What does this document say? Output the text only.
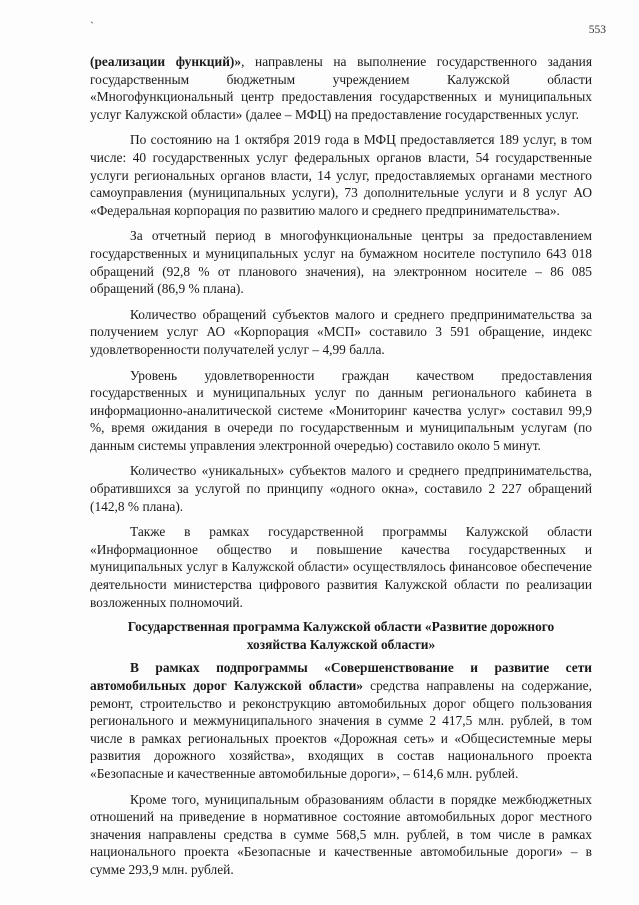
`	553

(реализации функций)», направлены на выполнение государственного задания государственным бюджетным учреждением Калужской области «Многофункциональный центр предоставления государственных и муниципальных услуг Калужской области» (далее – МФЦ) на предоставление государственных услуг.

По состоянию на 1 октября 2019 года в МФЦ предоставляется 189 услуг, в том числе: 40 государственных услуг федеральных органов власти, 54 государственные услуги региональных органов власти, 14 услуг, предоставляемых органами местного самоуправления (муниципальных услуги), 73 дополнительные услуги и 8 услуг АО «Федеральная корпорация по развитию малого и среднего предпринимательства».

За отчетный период в многофункциональные центры за предоставлением государственных и муниципальных услуг на бумажном носителе поступило 643 018 обращений (92,8 % от планового значения), на электронном носителе – 86 085 обращений (86,9 % плана).

Количество обращений субъектов малого и среднего предпринимательства за получением услуг АО «Корпорация «МСП» составило 3 591 обращение, индекс удовлетворенности получателей услуг – 4,99 балла.

Уровень удовлетворенности граждан качеством предоставления государственных и муниципальных услуг по данным регионального кабинета в информационно-аналитической системе «Мониторинг качества услуг» составил 99,9 %, время ожидания в очереди по государственным и муниципальным услугам (по данным системы управления электронной очередью) составило около 5 минут.

Количество «уникальных» субъектов малого и среднего предпринимательства, обратившихся за услугой по принципу «одного окна», составило 2 227 обращений (142,8 % плана).

Также в рамках государственной программы Калужской области «Информационное общество и повышение качества государственных и муниципальных услуг в Калужской области» осуществлялось финансовое обеспечение деятельности министерства цифрового развития Калужской области по реализации возложенных полномочий.

Государственная программа Калужской области «Развитие дорожного хозяйства Калужской области»

В рамках подпрограммы «Совершенствование и развитие сети автомобильных дорог Калужской области» средства направлены на содержание, ремонт, строительство и реконструкцию автомобильных дорог общего пользования регионального и межмуниципального значения в сумме 2 417,5 млн. рублей, в том числе в рамках региональных проектов «Дорожная сеть» и «Общесистемные меры развития дорожного хозяйства», входящих в состав национального проекта «Безопасные и качественные автомобильные дороги», – 614,6 млн. рублей.

Кроме того, муниципальным образованиям области в порядке межбюджетных отношений на приведение в нормативное состояние автомобильных дорог местного значения направлены средства в сумме 568,5 млн. рублей, в том числе в рамках национального проекта «Безопасные и качественные автомобильные дороги» – в сумме 293,9 млн. рублей.
